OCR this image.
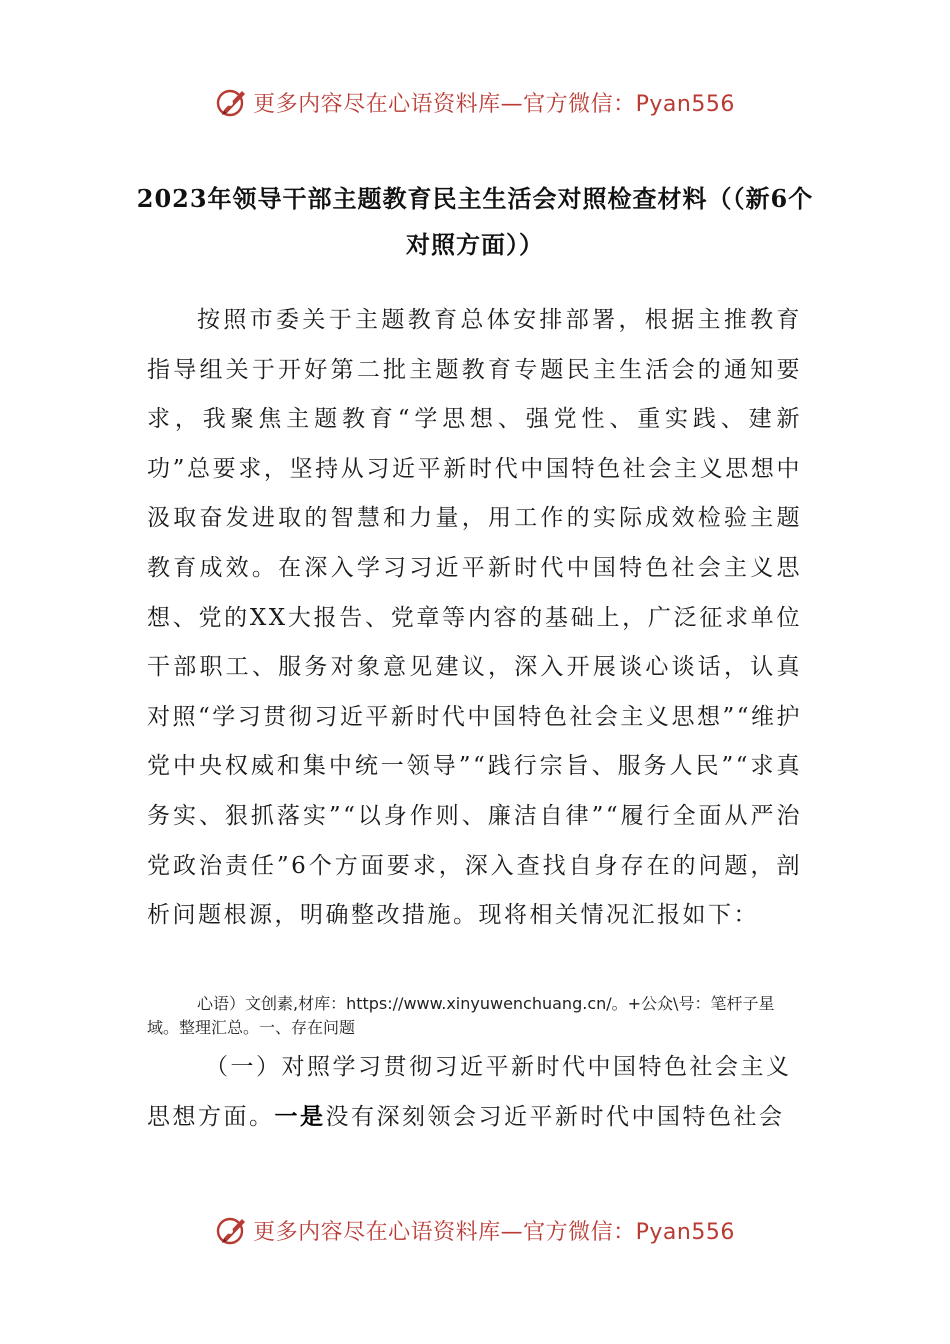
更多内容尽在心语资料库—官方微信：Pyan556
2023年领导干部主题教育民主生活会对照检查材料（（新6个对照方面））
按照市委关于主题教育总体安排部署，根据主推教育指导组关于开好第二批主题教育专题民主生活会的通知要求，我聚焦主题教育“学思想、强党性、重实践、建新功”总要求，坚持从习近平新时代中国特色社会主义思想中汲取奋发进取的智慧和力量，用工作的实际成效检验主题教育成效。在深入学习习近平新时代中国特色社会主义思想、党的XX大报告、党章等内容的基础上，广泛征求单位干部职工、服务对象意见建议，深入开展谈心谈话，认真对照“学习贯彻习近平新时代中国特色社会主义思想”“维护党中央权威和集中统一领导”“践行宗旨、服务人民”“求真务实、狠抓落实”“以身作则、廉洁自律”“履行全面从严治党政治责任”6个方面要求，深入查找自身存在的问题，剖析问题根源，明确整改措施。现将相关情况汇报如下：
心语）文创素,材库：https://www.xinyuwenchuang.cn/。+公众\号：笔杆子星域。整理汇总。一、存在问题
（一）对照学习贯彻习近平新时代中国特色社会主义思想方面。一是没有深刻领会习近平新时代中国特色社会
更多内容尽在心语资料库—官方微信：Pyan556
